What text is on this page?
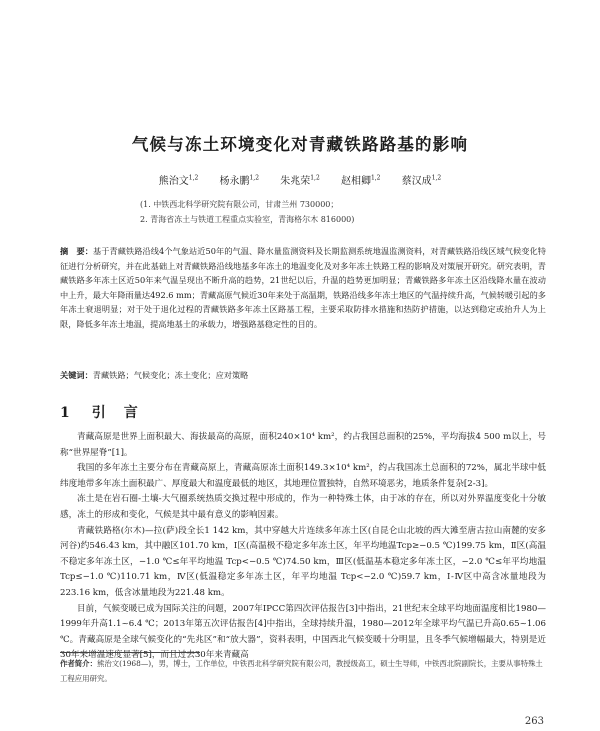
气候与冻土环境变化对青藏铁路路基的影响
熊治文$^{1,2}$ 杨永鹏$^{1,2}$ 朱兆荣$^{1,2}$ 赵相卿$^{1,2}$ 蔡汉成$^{1,2}$
(1. 中铁西北科学研究院有限公司，甘肃兰州 730000；
2. 青海省冻土与铁道工程重点实验室，青海格尔木 816000)
摘　要：基于青藏铁路沿线4个气象站近50年的气温、降水量监测资料及长期监测系统地温监测资料，对青藏铁路沿线区域气候变化特征进行分析研究，并在此基础上对青藏铁路沿线地基多年冻土的地温变化及对多年冻土铁路工程的影响及对策展开研究。研究表明，青藏铁路多年冻土区近50年来气温呈现出不断升高的趋势，21世纪以后，升温的趋势更加明显；青藏铁路多年冻土区沿线降水量在波动中上升，最大年降雨量达492.6 mm；青藏高原气候近30年来处于高温期，铁路沿线多年冻土地区的气温持续升高，气候转暖引起的多年冻土衰退明显；对于处于退化过程的青藏铁路多年冻土区路基工程，主要采取防排水措施和热防护措施，以达到稳定或抬升人为上限，降低多年冻土地温，提高地基土的承载力，增强路基稳定性的目的。
关键词：青藏铁路；气候变化；冻土变化；应对策略
1 引言

青藏高原是世界上面积最大、海拔最高的高原，面积240×10⁴ km²，约占我国总面积的25%，平均海拔4 500 m以上，号称“世界屋脊”[1]。

我国的多年冻土主要分布在青藏高原上，青藏高原冻土面积149.3×10⁴ km²，约占我国冻土总面积的72%，属北半球中低纬度地带多年冻土面积最广、厚度最大和温度最低的地区，其地理位置独特，自然环境恶劣，地质条件复杂[2-3]。

冻土是在岩石圈-土壤-大气圈系统热质交换过程中形成的，作为一种特殊土体，由于冰的存在，所以对外界温度变化十分敏感，冻土的形成和变化，气候是其中最有意义的影响因素。

青藏铁路格(尔木)—拉(萨)段全长1 142 km，其中穿越大片连续多年冻土区(自昆仑山北坡的西大滩至唐古拉山南麓的安多河谷)约546.43 km，其中融区101.70 km，Ⅰ区(高温极不稳定多年冻土区，年平均地温Tcp≥−0.5 ℃)199.75 km，Ⅱ区(高温不稳定多年冻土区，−1.0 ℃≤年平均地温 Tcp<−0.5 ℃)74.50 km，Ⅲ区(低温基本稳定多年冻土区，−2.0 ℃≤年平均地温 Tcp≤−1.0 ℃)110.71 km，Ⅳ区(低温稳定多年冻土区，年平均地温 Tcp<−2.0 ℃)59.7 km，Ⅰ-Ⅳ区中高含冰量地段为223.16 km，低含冰量地段为221.48 km。

目前，气候变暖已成为国际关注的问题，2007年IPCC第四次评估报告[3]中指出，21世纪末全球平均地面温度相比1980—1999年升高1.1~6.4 ℃；2013年第五次评估报告[4]中指出，全球持续升温，1980—2012年全球平均气温已升高0.65~1.06 ℃。青藏高原是全球气候变化的“先兆区”和“放大器”，资料表明，中国西北气候变暖十分明显，且冬季气候增幅最大，特别是近30年来增温速度显著[5]，而且过去30年来青藏高

作者简介：熊治文(1968—)，男，博士，工作单位，中铁西北科学研究院有限公司，教授级高工，硕士生导师，中铁西北院副院长，主要从事特殊土工程应用研究。
263
